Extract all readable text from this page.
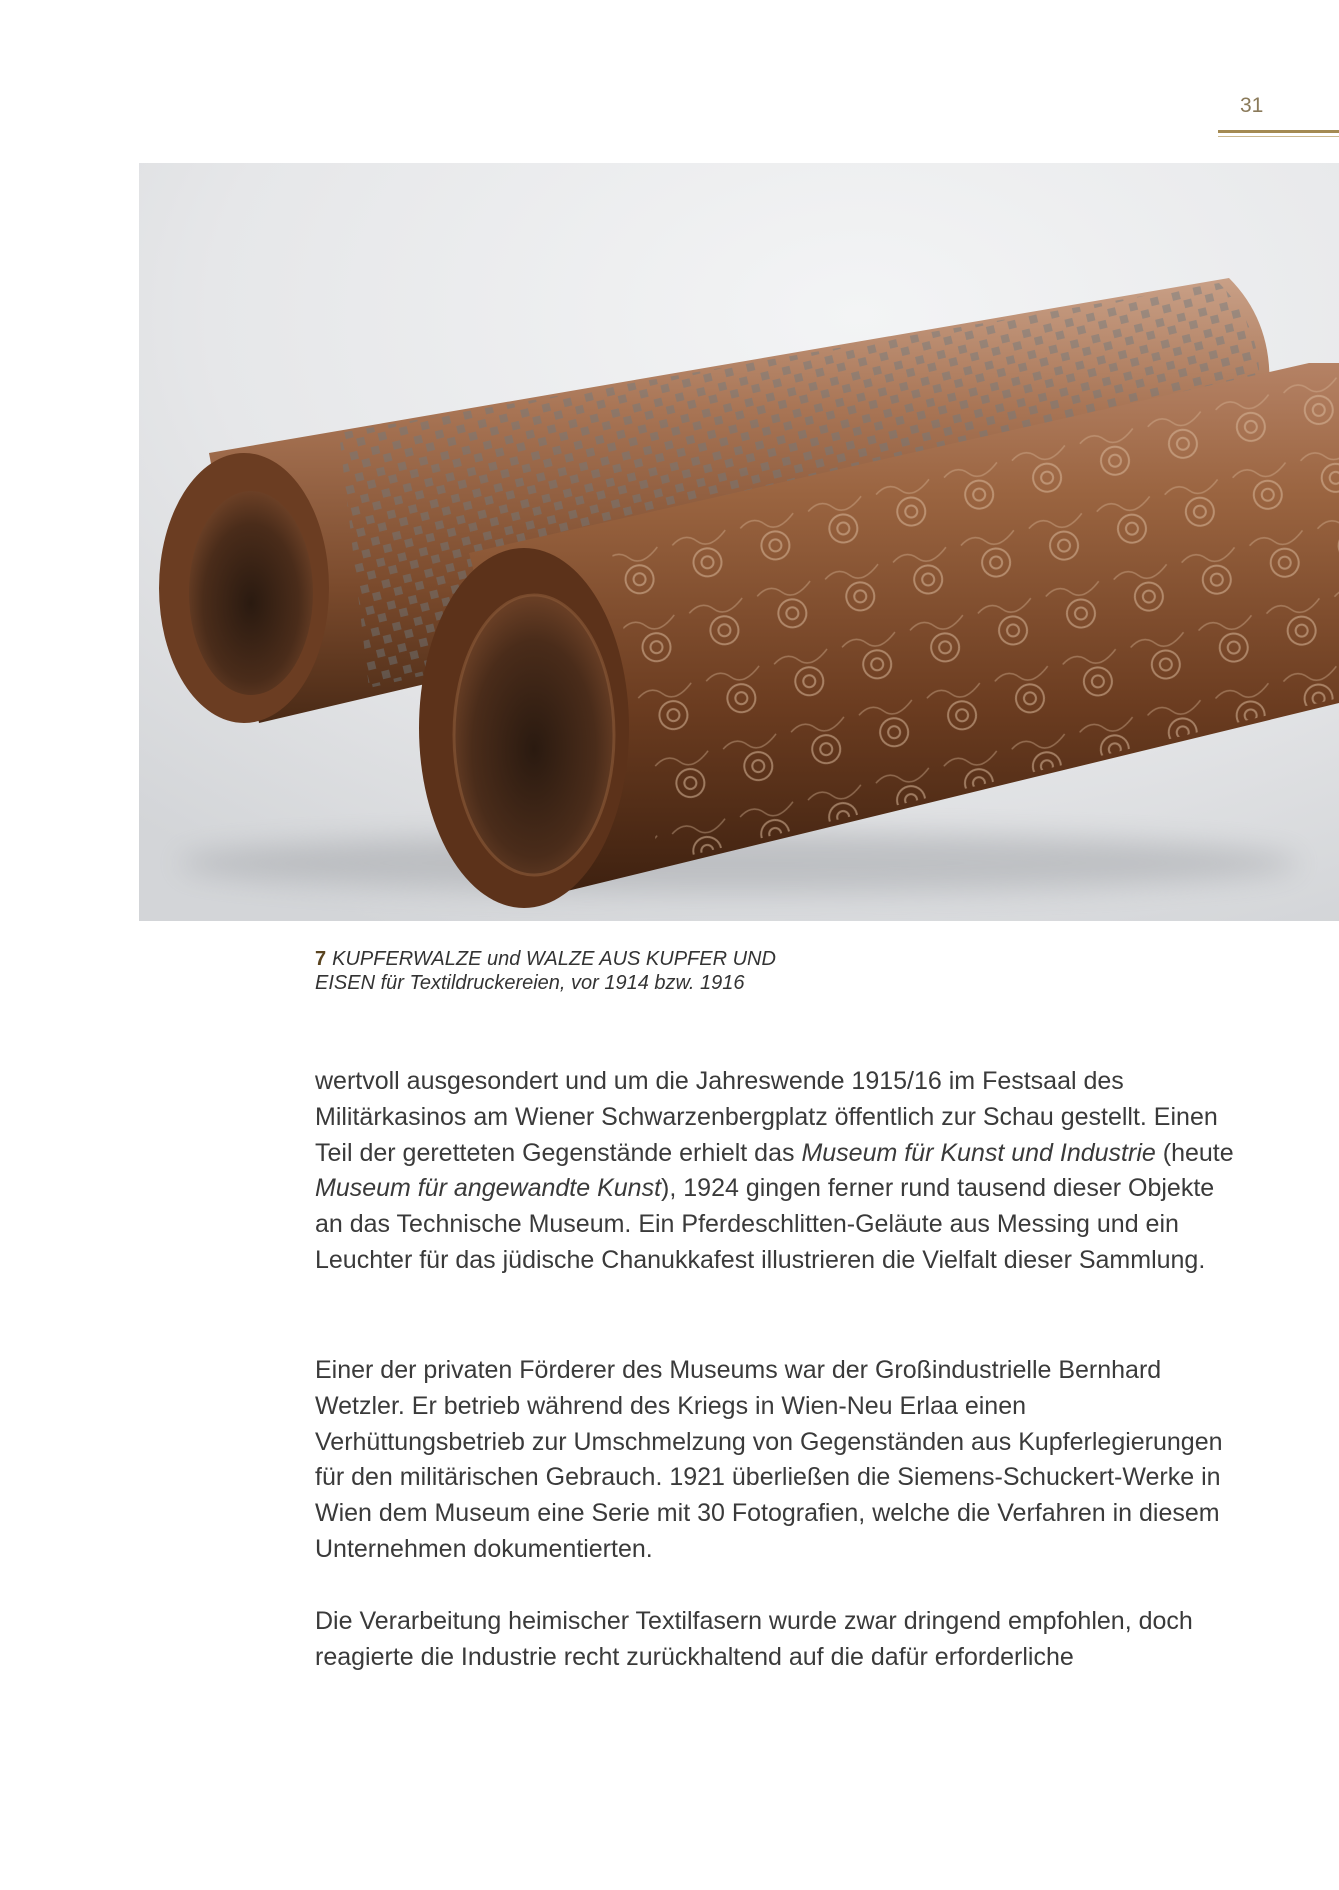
31
7 KUPFERWALZE und WALZE AUS KUPFER UND
EISEN für Textildruckereien, vor 1914 bzw. 1916

wertvoll ausgesondert und um die Jahreswende 1915/16 im Festsaal des Militärkasinos am Wiener Schwarzenbergplatz öffentlich zur Schau gestellt. Einen Teil der geretteten Gegenstände erhielt das Museum für Kunst und Industrie (heute Museum für angewandte Kunst), 1924 gingen ferner rund tausend dieser Objekte an das Technische Museum. Ein Pferdeschlitten-Geläute aus Messing und ein Leuchter für das jüdische Chanukkafest illustrieren die Vielfalt dieser Sammlung.

Einer der privaten Förderer des Museums war der Großindustrielle Bernhard Wetzler. Er betrieb während des Kriegs in Wien-Neu Erlaa einen Verhüttungsbetrieb zur Umschmelzung von Gegenständen aus Kupferlegierungen für den militärischen Gebrauch. 1921 überließen die Siemens-Schuckert-Werke in Wien dem Museum eine Serie mit 30 Fotografien, welche die Verfahren in diesem Unternehmen dokumentierten.

Die Verarbeitung heimischer Textilfasern wurde zwar dringend empfohlen, doch reagierte die Industrie recht zurückhaltend auf die dafür erforderliche
